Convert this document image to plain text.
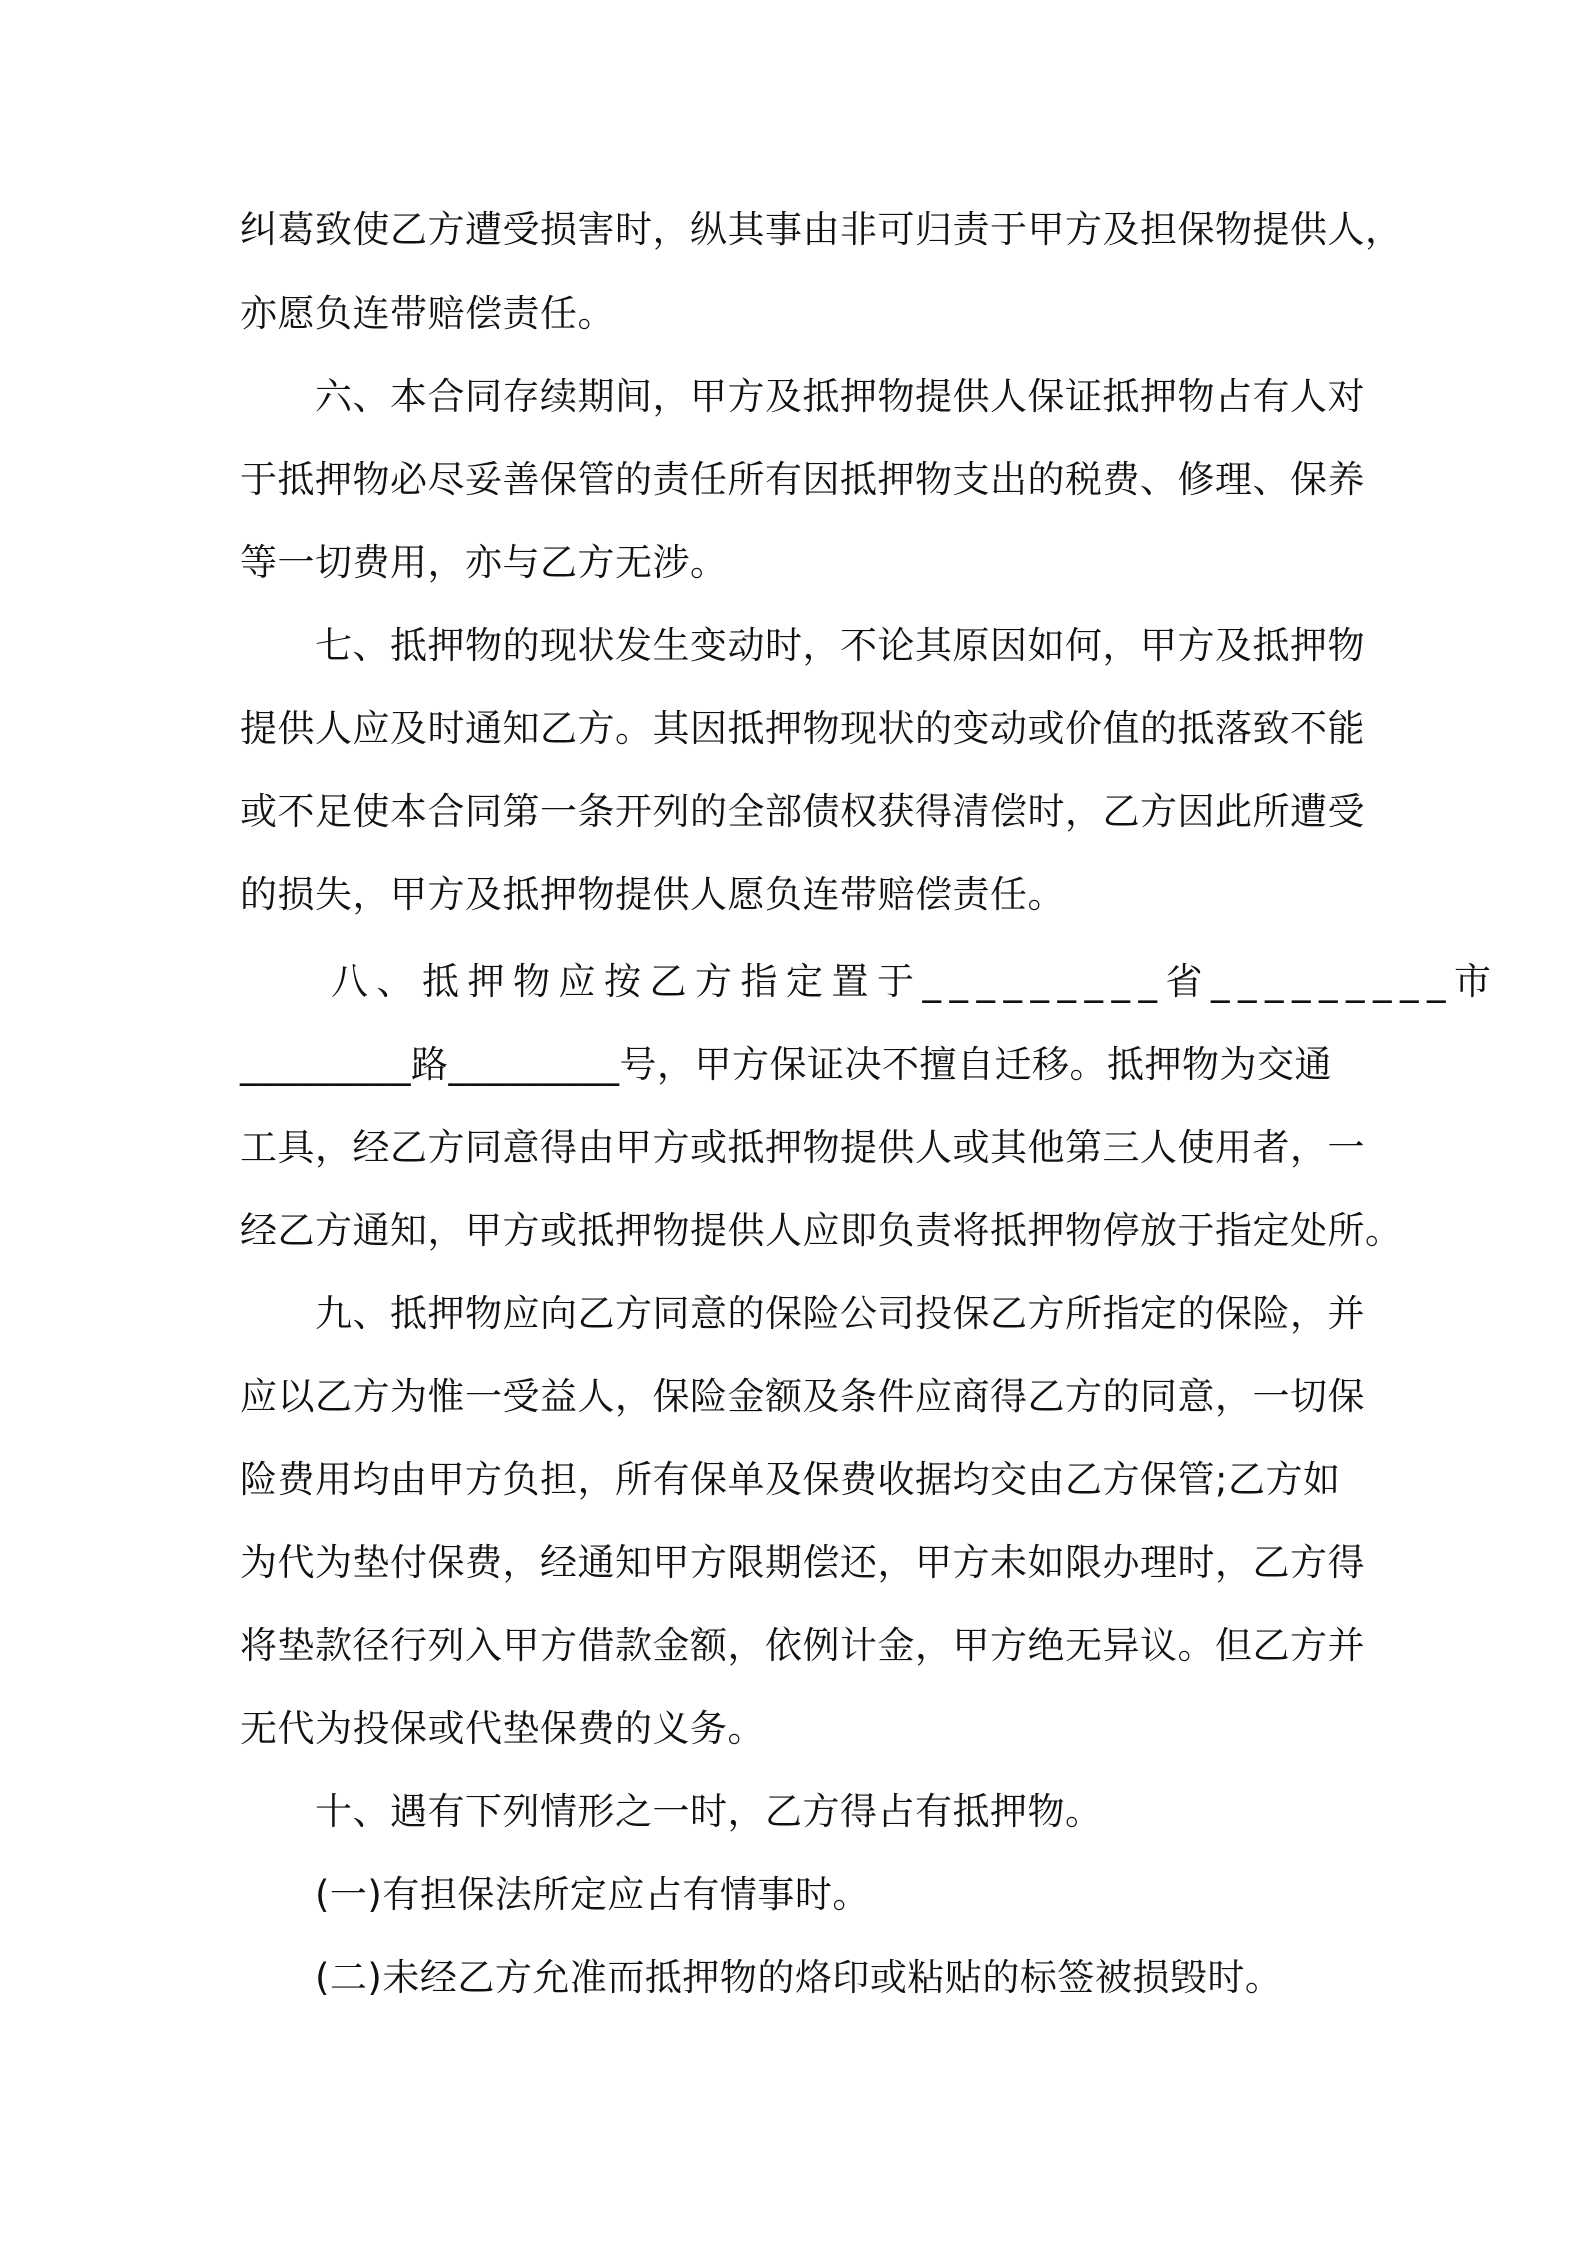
纠葛致使乙方遭受损害时，纵其事由非可归责于甲方及担保物提供人，
亦愿负连带赔偿责任。
　　六、本合同存续期间，甲方及抵押物提供人保证抵押物占有人对
于抵押物必尽妥善保管的责任所有因抵押物支出的税费、修理、保养
等一切费用，亦与乙方无涉。
　　七、抵押物的现状发生变动时，不论其原因如何，甲方及抵押物
提供人应及时通知乙方。其因抵押物现状的变动或价值的抵落致不能
或不足使本合同第一条开列的全部债权获得清偿时，乙方因此所遭受
的损失，甲方及抵押物提供人愿负连带赔偿责任。
　　八、抵押物应按乙方指定置于_________省_________市
_________路_________号，甲方保证决不擅自迁移。抵押物为交通
工具，经乙方同意得由甲方或抵押物提供人或其他第三人使用者，一
经乙方通知，甲方或抵押物提供人应即负责将抵押物停放于指定处所。
　　九、抵押物应向乙方同意的保险公司投保乙方所指定的保险，并
应以乙方为惟一受益人，保险金额及条件应商得乙方的同意，一切保
险费用均由甲方负担，所有保单及保费收据均交由乙方保管;乙方如
为代为垫付保费，经通知甲方限期偿还，甲方未如限办理时，乙方得
将垫款径行列入甲方借款金额，依例计金，甲方绝无异议。但乙方并
无代为投保或代垫保费的义务。
　　十、遇有下列情形之一时，乙方得占有抵押物。
　　(一)有担保法所定应占有情事时。
　　(二)未经乙方允准而抵押物的烙印或粘贴的标签被损毁时。
